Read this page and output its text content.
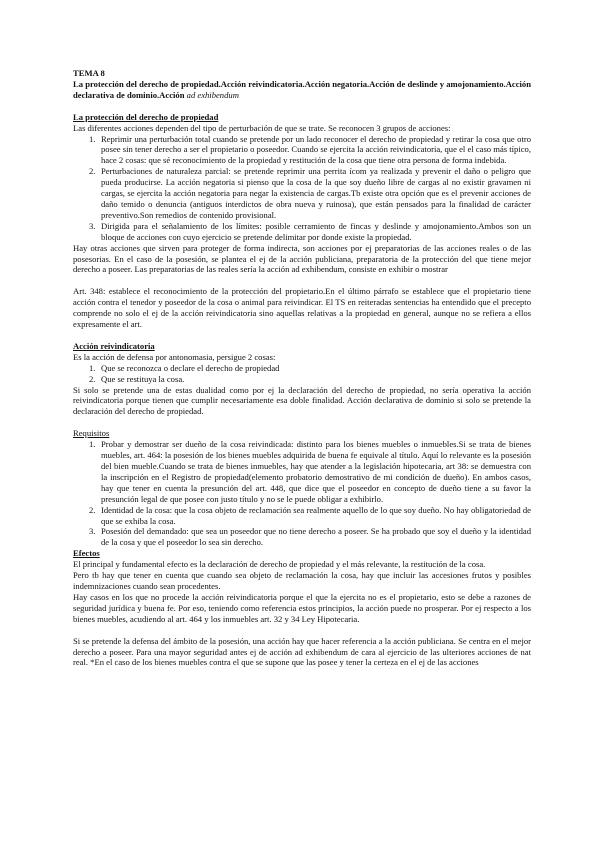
TEMA 8

La protección del derecho de propiedad.Acción reivindicatoria.Acción negatoria.Acción de deslinde y amojonamiento.Acción declarativa de dominio.Acción ad exhibendum

La protección del derecho de propiedad

Las diferentes acciones dependen del tipo de perturbación de que se trate. Se reconocen 3 grupos de acciones:

1. Reprimir una perturbación total cuando se pretende por un lado reconocer el derecho de propiedad y retirar la cosa que otro posee sin tener derecho a ser el propietario o poseedor. Cuando se ejercita la acción reivindicatoria, que el el caso más típico, hace 2 cosas: que sé reconocimiento de la propiedad y restitución de la cosa que tiene otra persona de forma indebida.
2. Perturbaciones de naturaleza parcial: se pretende reprimir una perrita ícom ya realizada y prevenir el daño o peligro que pueda producirse. La acción negatoria si pienso que la cosa de la que soy dueño libre de cargas al no existir gravamen ni cargas, se ejercita la acción negatoria para negar la existencia de cargas.Tb existe otra opción que es el prevenir acciones de daño temido o denuncia (antiguos interdictos de obra nueva y ruinosa), que están pensados para la finalidad de carácter preventivo.Son remedios de contenido provisional.
3. Dirigida para el señalamiento de los límites: posible cerramiento de fincas y deslinde y amojonamiento.Ambos son un bloque de acciones con cuyo ejercicio se pretende delimitar por donde existe la propiedad.

Hay otras acciones que sirven para proteger de forma indirecta, son acciones por ej preparatorias de las acciones reales o de las posesorias. En el caso de la posesión, se plantea el ej de la acción publiciana, preparatoria de la protección del que tiene mejor derecho a poseer. Las preparatorias de las reales sería la acción ad exhibendum, consiste en exhibir o mostrar

Art. 348: establece el reconocimiento de la protección del propietario.En el último párrafo se establece que el propietario tiene acción contra el tenedor y poseedor de la cosa o animal para reivindicar. El TS en reiteradas sentencias ha entendido que el precepto comprende no solo el ej de la acción reivindicatoria sino aquellas relativas a la propiedad en general, aunque no se refiera a ellos expresamente el art.

Acción reivindicatoria

Es la acción de defensa por antonomasia, persigue 2 cosas:

1. Que se reconozca o declare el derecho de propiedad
2. Que se restituya la cosa.

Si solo se pretende una de estas dualidad como por ej la declaración del derecho de propiedad, no sería operativa la acción reivindicatoria porque tienen que cumplir necesariamente esa doble finalidad. Acción declarativa de dominio si solo se pretende la declaración del derecho de propiedad.

Requisitos

1. Probar y demostrar ser dueño de la cosa reivindicada: distinto para los bienes muebles o inmuebles.Si se trata de bienes muebles, art. 464: la posesión de los bienes muebles adquirida de buena fe equivale al título. Aquí lo relevante es la posesión del bien mueble.Cuando se trata de bienes inmuebles, hay que atender a la legislación hipotecaria, art 38: se demuestra con la inscripción en el Registro de propiedad(elemento probatorio demostrativo de mi condición de dueño). En ambos casos, hay que tener en cuenta la presunción del art. 448, que dice que el poseedor en concepto de dueño tiene a su favor la presunción legal de que posee con justo título y no se le puede obligar a exhibirlo.
2. Identidad de la cosa: que la cosa objeto de reclamación sea realmente aquello de lo que soy dueño. No hay obligatoriedad de que se exhiba la cosa.
3. Posesión del demandado: que sea un poseedor que no tiene derecho a poseer. Se ha probado que soy el dueño y la identidad de la cosa y que el poseedor lo sea sin derecho.

Efectos

El principal y fundamental efecto es la declaración de derecho de propiedad y el más relevante, la restitución de la cosa.

Pero tb hay que tener en cuenta que cuando sea objeto de reclamación la cosa, hay que incluir las accesiones frutos y posibles indemnizaciones cuando sean procedentes.

Hay casos en los que no procede la acción reivindicatoria porque el que la ejercita no es el propietario, esto se debe a razones de seguridad jurídica y buena fe. Por eso, teniendo como referencia estos principios, la acción puede no prosperar. Por ej respecto a los bienes muebles, acudiendo al art. 464 y los inmuebles art. 32 y 34 Ley Hipotecaria.

Si se pretende la defensa del ámbito de la posesión, una acción hay que hacer referencia a la acción publiciana. Se centra en el mejor derecho a poseer. Para una mayor seguridad antes ej de acción ad exhibendum de cara al ejercicio de las ulteriores acciones de nat real. *En el caso de los bienes muebles contra el que se supone que las posee y tener la certeza en el ej de las acciones
